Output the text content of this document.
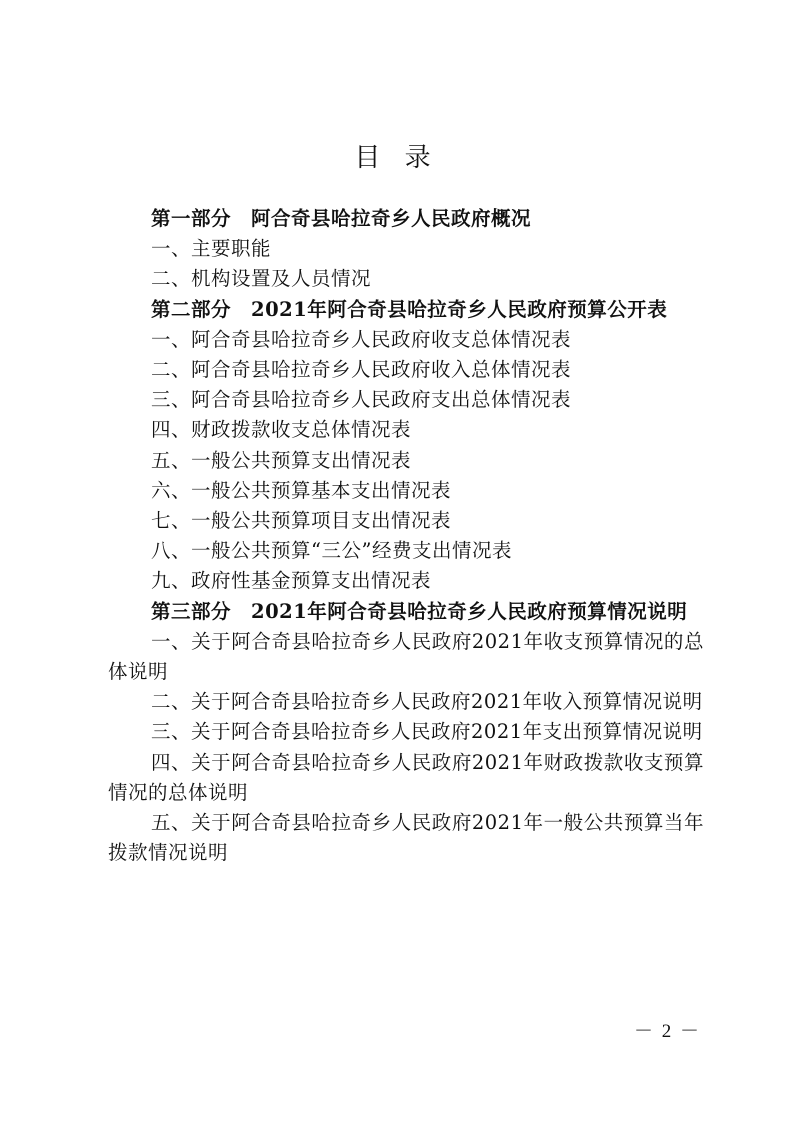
目 录
第一部分　阿合奇县哈拉奇乡人民政府概况
一、主要职能
二、机构设置及人员情况
第二部分　2021年阿合奇县哈拉奇乡人民政府预算公开表
一、阿合奇县哈拉奇乡人民政府收支总体情况表
二、阿合奇县哈拉奇乡人民政府收入总体情况表
三、阿合奇县哈拉奇乡人民政府支出总体情况表
四、财政拨款收支总体情况表
五、一般公共预算支出情况表
六、一般公共预算基本支出情况表
七、一般公共预算项目支出情况表
八、一般公共预算“三公”经费支出情况表
九、政府性基金预算支出情况表
第三部分　2021年阿合奇县哈拉奇乡人民政府预算情况说明
一、关于阿合奇县哈拉奇乡人民政府2021年收支预算情况的总体说明
二、关于阿合奇县哈拉奇乡人民政府2021年收入预算情况说明
三、关于阿合奇县哈拉奇乡人民政府2021年支出预算情况说明
四、关于阿合奇县哈拉奇乡人民政府2021年财政拨款收支预算情况的总体说明
五、关于阿合奇县哈拉奇乡人民政府2021年一般公共预算当年拨款情况说明
－ 2 －
